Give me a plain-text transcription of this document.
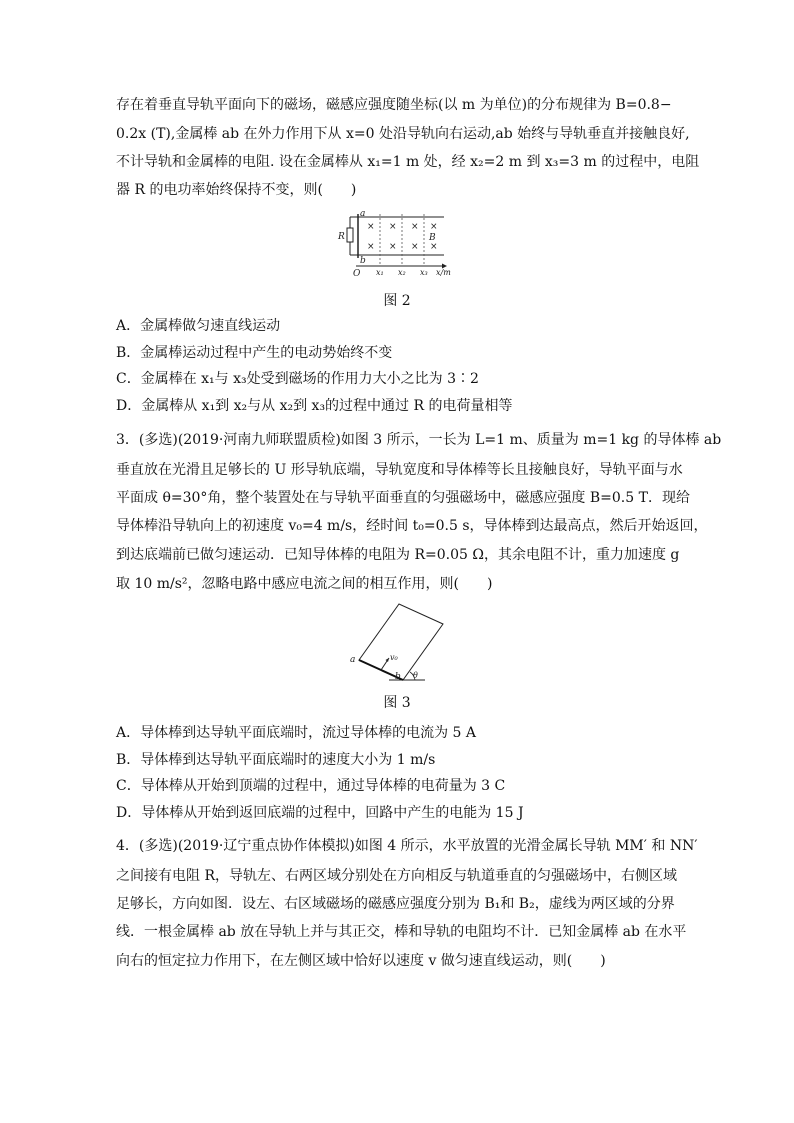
存在着垂直导轨平面向下的磁场，磁感应强度随坐标(以 m 为单位)的分布规律为 B=0.8−
0.2x (T),金属棒 ab 在外力作用下从 x=0 处沿导轨向右运动,ab 始终与导轨垂直并接触良好,
不计导轨和金属棒的电阻. 设在金属棒从 x₁=1 m 处，经 x₂=2 m 到 x₃=3 m 的过程中，电阻
器 R 的电功率始终保持不变，则(　　)
× × × ×
× × × ×
a
b
R	B
O x₁ x₂ x₃ x/m
图 2
A．金属棒做匀速直线运动
B．金属棒运动过程中产生的电动势始终不变
C．金属棒在 x₁与 x₃处受到磁场的作用力大小之比为 3∶2
D．金属棒从 x₁到 x₂与从 x₂到 x₃的过程中通过 R 的电荷量相等
3．(多选)(2019·河南九师联盟质检)如图 3 所示，一长为 L=1 m、质量为 m=1 kg 的导体棒 ab
垂直放在光滑且足够长的 U 形导轨底端，导轨宽度和导体棒等长且接触良好，导轨平面与水
平面成 θ=30°角，整个装置处在与导轨平面垂直的匀强磁场中，磁感应强度 B=0.5 T．现给
导体棒沿导轨向上的初速度 v₀=4 m/s，经时间 t₀=0.5 s，导体棒到达最高点，然后开始返回，
到达底端前已做匀速运动．已知导体棒的电阻为 R=0.05 Ω，其余电阻不计，重力加速度 g
取 10 m/s²，忽略电路中感应电流之间的相互作用，则(　　)
a
b
v₀
θ
图 3
A．导体棒到达导轨平面底端时，流过导体棒的电流为 5 A
B．导体棒到达导轨平面底端时的速度大小为 1 m/s
C．导体棒从开始到顶端的过程中，通过导体棒的电荷量为 3 C
D．导体棒从开始到返回底端的过程中，回路中产生的电能为 15 J
4．(多选)(2019·辽宁重点协作体模拟)如图 4 所示，水平放置的光滑金属长导轨 MM′ 和 NN′
之间接有电阻 R，导轨左、右两区域分别处在方向相反与轨道垂直的匀强磁场中，右侧区域
足够长，方向如图．设左、右区域磁场的磁感应强度分别为 B₁和 B₂，虚线为两区域的分界
线．一根金属棒 ab 放在导轨上并与其正交，棒和导轨的电阻均不计．已知金属棒 ab 在水平
向右的恒定拉力作用下，在左侧区域中恰好以速度 v 做匀速直线运动，则(　　)
